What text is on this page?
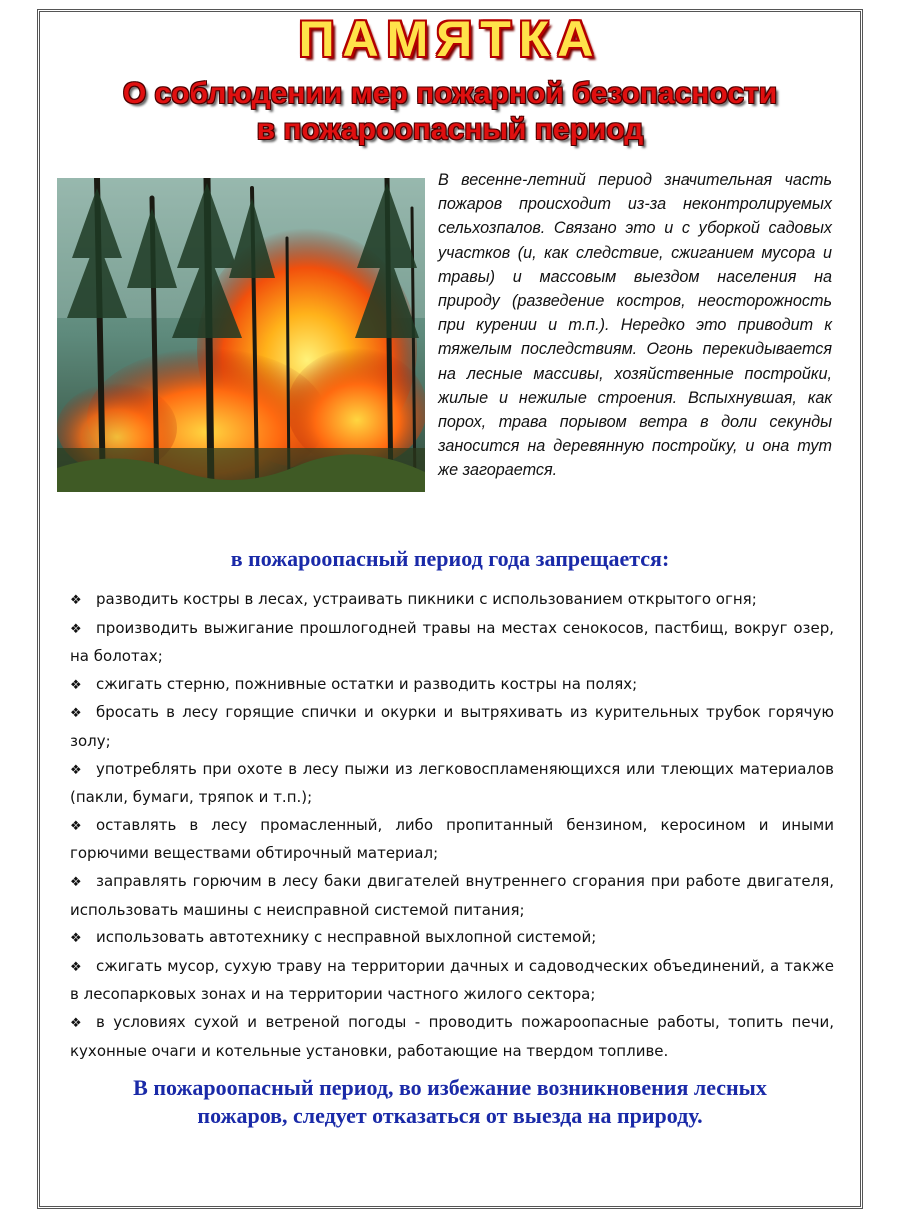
ПАМЯТКА
О соблюдении мер пожарной безопасности
в пожароопасный период

В весенне-летний период значительная часть пожаров происходит из-за неконтролируемых сельхозпалов. Связано это и с уборкой садовых участков (и, как следствие, сжиганием мусора и травы) и массовым выездом населения на природу (разведение костров, неосторожность при курении и т.п.). Нередко это приводит к тяжелым последствиям. Огонь перекидывается на лесные массивы, хозяйственные постройки, жилые и нежилые строения. Вспыхнувшая, как порох, трава порывом ветра в доли секунды заносится на деревянную постройку, и она тут же загорается.

в пожароопасный период года запрещается:
❖ разводить костры в лесах, устраивать пикники с использованием открытого огня;
❖ производить выжигание прошлогодней травы на местах сенокосов, пастбищ, вокруг озер, на болотах;
❖ сжигать стерню, пожнивные остатки и разводить костры на полях;
❖ бросать в лесу горящие спички и окурки и вытряхивать из курительных трубок горячую золу;
❖ употреблять при охоте в лесу пыжи из легковоспламеняющихся или тлеющих материалов (пакли, бумаги, тряпок и т.п.);
❖ оставлять в лесу промасленный, либо пропитанный бензином, керосином и иными горючими веществами обтирочный материал;
❖ заправлять горючим в лесу баки двигателей внутреннего сгорания при работе двигателя, использовать машины с неисправной системой питания;
❖ использовать автотехнику с несправной выхлопной системой;
❖ сжигать мусор, сухую траву на территории дачных и садоводческих объединений, а также в лесопарковых зонах и на территории частного жилого сектора;
❖ в условиях сухой и ветреной погоды - проводить пожароопасные работы, топить печи, кухонные очаги и котельные установки, работающие на твердом топливе.
В пожароопасный период, во избежание возникновения лесных
пожаров, следует отказаться от выезда на природу.
